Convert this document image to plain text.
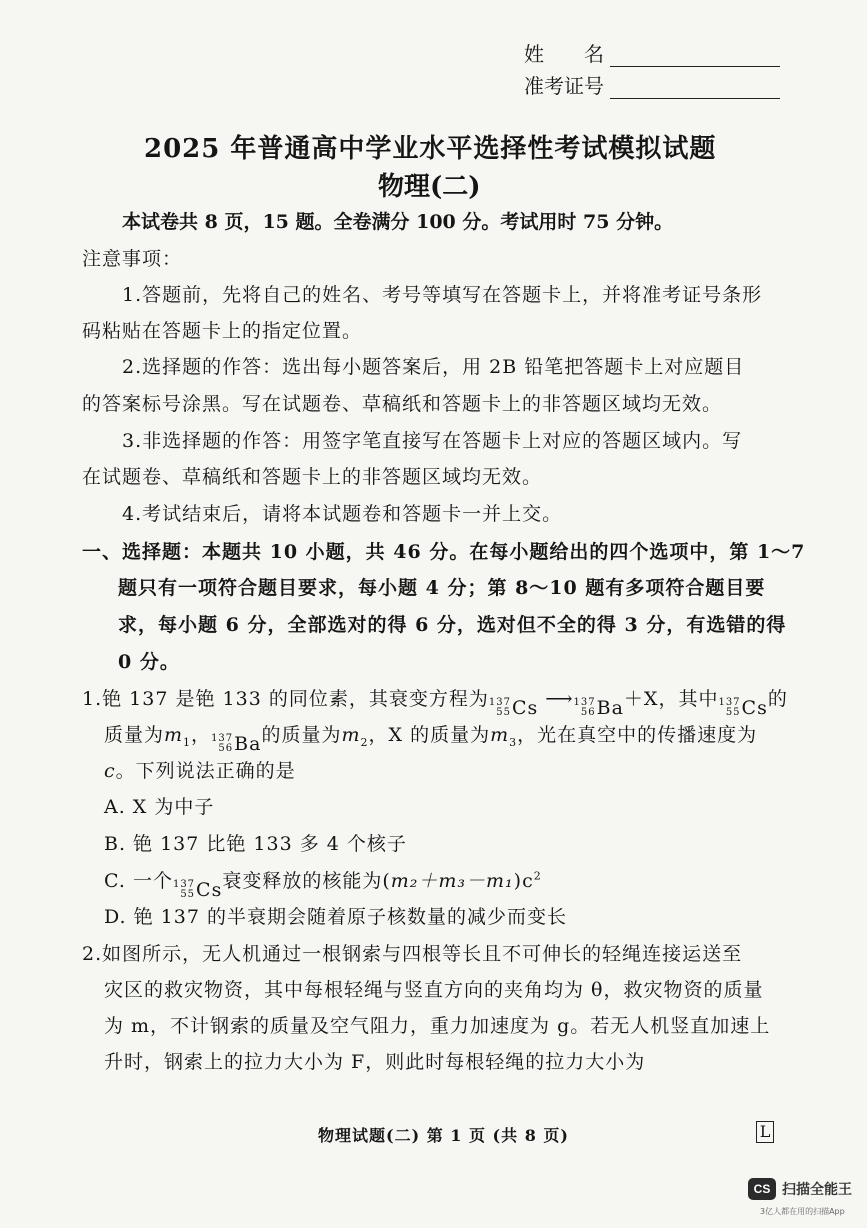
姓　　名
准考证号
2025 年普通高中学业水平选择性考试模拟试题
物理(二)
本试卷共 8 页，15 题。全卷满分 100 分。考试用时 75 分钟。
注意事项：
1.答题前，先将自己的姓名、考号等填写在答题卡上，并将准考证号条形
码粘贴在答题卡上的指定位置。
2.选择题的作答：选出每小题答案后，用 2B 铅笔把答题卡上对应题目
的答案标号涂黑。写在试题卷、草稿纸和答题卡上的非答题区域均无效。
3.非选择题的作答：用签字笔直接写在答题卡上对应的答题区域内。写
在试题卷、草稿纸和答题卡上的非答题区域均无效。
4.考试结束后，请将本试题卷和答题卡一并上交。
一、选择题：本题共 10 小题，共 46 分。在每小题给出的四个选项中，第 1～7
题只有一项符合题目要求，每小题 4 分；第 8～10 题有多项符合题目要
求，每小题 6 分，全部选对的得 6 分，选对但不全的得 3 分，有选错的得
0 分。
1.铯 137 是铯 133 的同位素，其衰变方程为 137
55 Cs ⟶ 137
56 Ba ＋X，其中 137
55 Cs 的
质量为$m_1$， 137
56 Ba 的质量为$m_2$，X 的质量为$m_3$，光在真空中的传播速度为
c。下列说法正确的是
A. X 为中子
B. 铯 137 比铯 133 多 4 个核子
C. 一个 137
55 Cs 衰变释放的核能为$(m_2+m_3-m_1)c^2$
D. 铯 137 的半衰期会随着原子核数量的减少而变长
2.如图所示，无人机通过一根钢索与四根等长且不可伸长的轻绳连接运送至
灾区的救灾物资，其中每根轻绳与竖直方向的夹角均为 θ，救灾物资的质量
为 m，不计钢索的质量及空气阻力，重力加速度为 g。若无人机竖直加速上
升时，钢索上的拉力大小为 F，则此时每根轻绳的拉力大小为
物理试题(二) 第 1 页 (共 8 页)	L
CS 扫描全能王
3亿人都在用的扫描App
